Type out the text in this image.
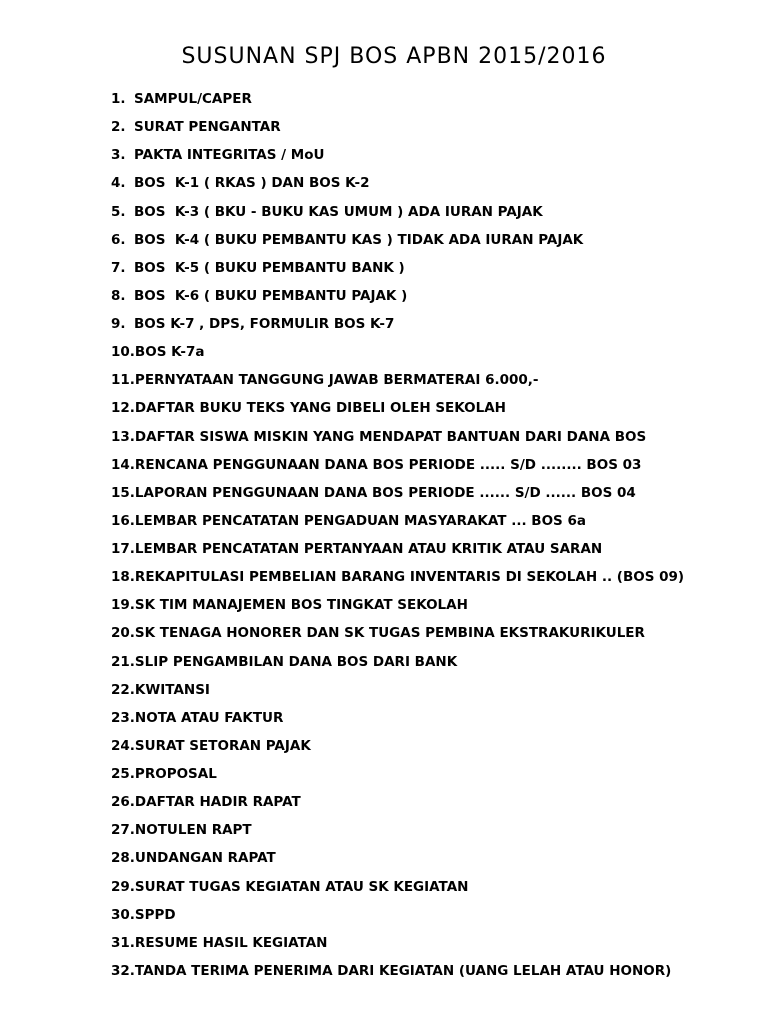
SUSUNAN SPJ BOS APBN 2015/2016
1. SAMPUL/CAPER
2. SURAT PENGANTAR
3. PAKTA INTEGRITAS / MoU
4. BOS  K-1 ( RKAS ) DAN BOS K-2
5. BOS  K-3 ( BKU - BUKU KAS UMUM ) ADA IURAN PAJAK
6. BOS  K-4 ( BUKU PEMBANTU KAS ) TIDAK ADA IURAN PAJAK
7. BOS  K-5 ( BUKU PEMBANTU BANK )
8. BOS  K-6 ( BUKU PEMBANTU PAJAK )
9. BOS K-7 , DPS, FORMULIR BOS K-7
10. BOS K-7a
11. PERNYATAAN TANGGUNG JAWAB BERMATERAI 6.000,-
12. DAFTAR BUKU TEKS YANG DIBELI OLEH SEKOLAH
13. DAFTAR SISWA MISKIN YANG MENDAPAT BANTUAN DARI DANA BOS
14. RENCANA PENGGUNAAN DANA BOS PERIODE ..... S/D ........ BOS 03
15. LAPORAN PENGGUNAAN DANA BOS PERIODE ...... S/D ...... BOS 04
16. LEMBAR PENCATATAN PENGADUAN MASYARAKAT ... BOS 6a
17. LEMBAR PENCATATAN PERTANYAAN ATAU KRITIK ATAU SARAN
18. REKAPITULASI PEMBELIAN BARANG INVENTARIS DI SEKOLAH .. (BOS 09)
19. SK TIM MANAJEMEN BOS TINGKAT SEKOLAH
20. SK TENAGA HONORER DAN SK TUGAS PEMBINA EKSTRAKURIKULER
21. SLIP PENGAMBILAN DANA BOS DARI BANK
22. KWITANSI
23. NOTA ATAU FAKTUR
24. SURAT SETORAN PAJAK
25. PROPOSAL
26. DAFTAR HADIR RAPAT
27. NOTULEN RAPT
28. UNDANGAN RAPAT
29. SURAT TUGAS KEGIATAN ATAU SK KEGIATAN
30. SPPD
31. RESUME HASIL KEGIATAN
32. TANDA TERIMA PENERIMA DARI KEGIATAN (UANG LELAH ATAU HONOR)
